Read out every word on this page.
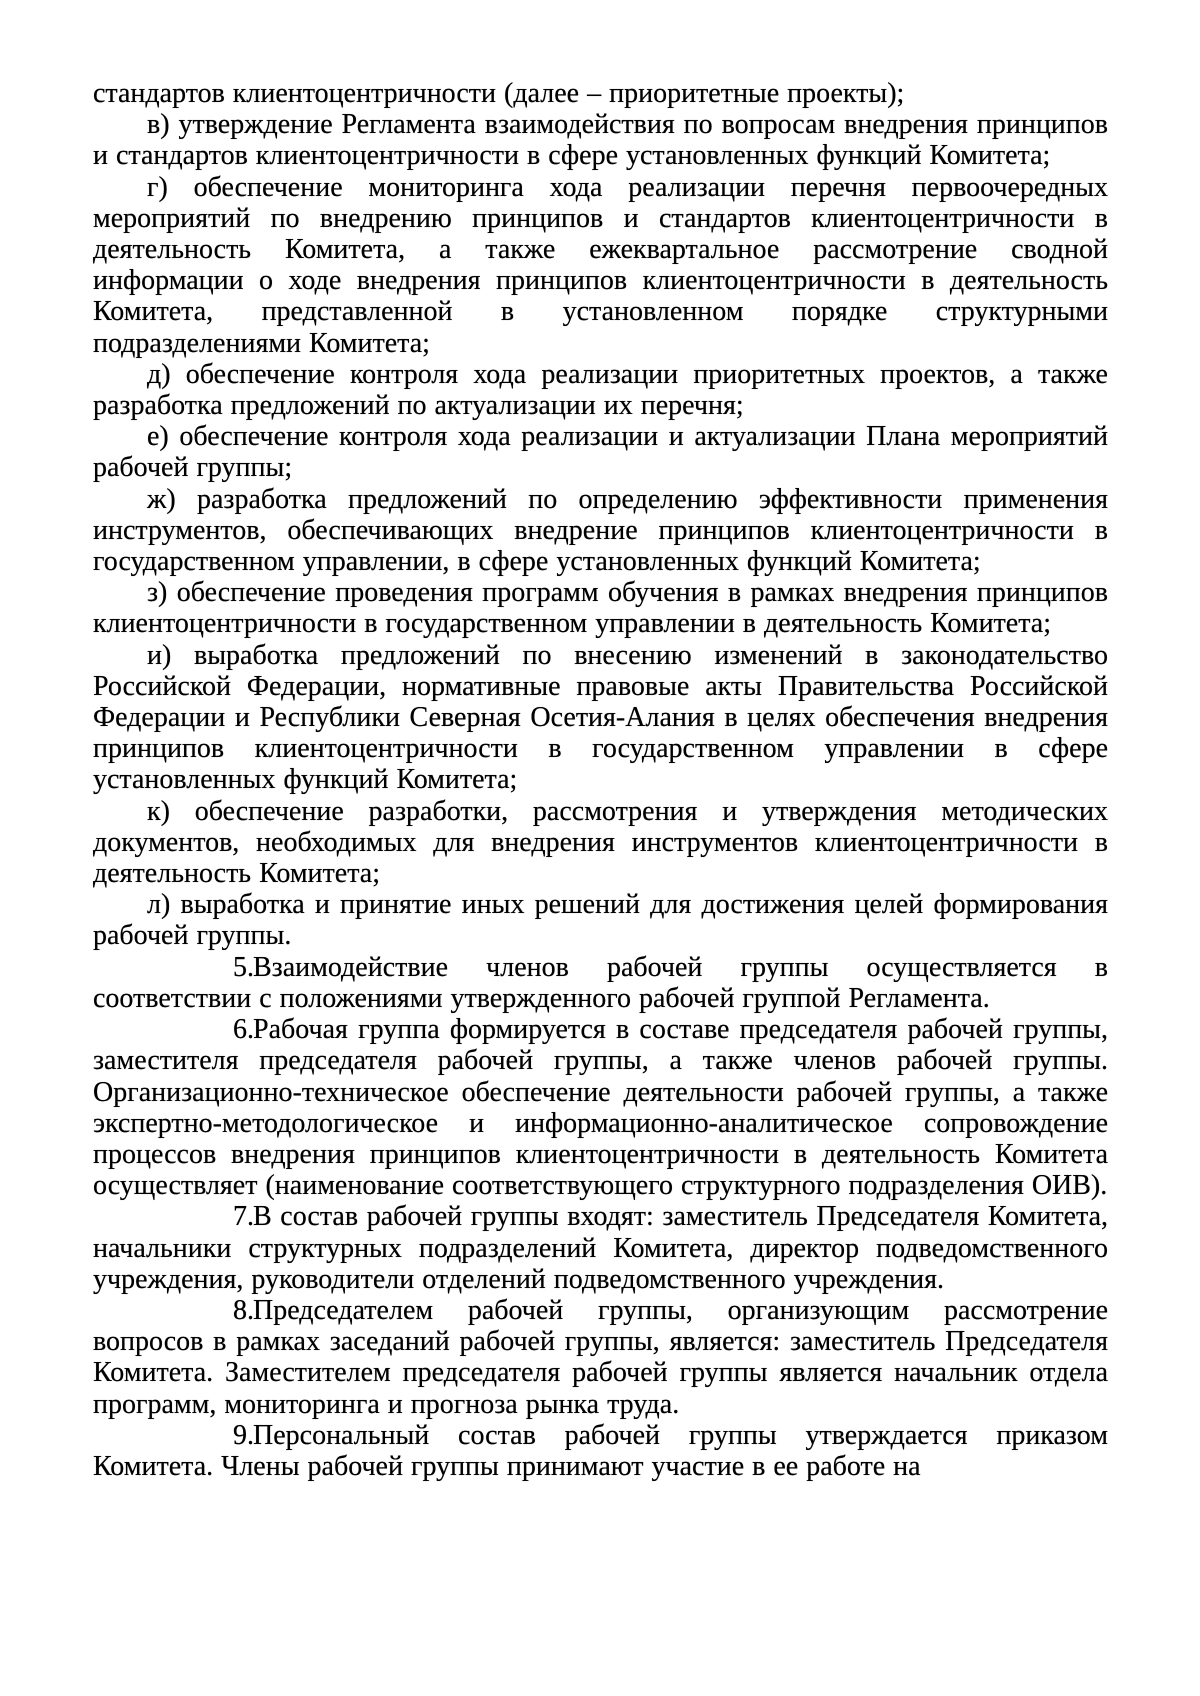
стандартов клиентоцентричности (далее – приоритетные проекты);

в) утверждение Регламента взаимодействия по вопросам внедрения принципов и стандартов клиентоцентричности в сфере установленных функций Комитета;

г) обеспечение мониторинга хода реализации перечня первоочередных мероприятий по внедрению принципов и стандартов клиентоцентричности в деятельность Комитета, а также ежеквартальное рассмотрение сводной информации о ходе внедрения принципов клиентоцентричности в деятельность Комитета, представленной в установленном порядке структурными подразделениями Комитета;

д) обеспечение контроля хода реализации приоритетных проектов, а также разработка предложений по актуализации их перечня;

е) обеспечение контроля хода реализации и актуализации Плана мероприятий рабочей группы;

ж) разработка предложений по определению эффективности применения инструментов, обеспечивающих внедрение принципов клиентоцентричности в государственном управлении, в сфере установленных функций Комитета;

з) обеспечение проведения программ обучения в рамках внедрения принципов клиентоцентричности в государственном управлении в деятельность Комитета;

и) выработка предложений по внесению изменений в законодательство Российской Федерации, нормативные правовые акты Правительства Российской Федерации и Республики Северная Осетия-Алания в целях обеспечения внедрения принципов клиентоцентричности в государственном управлении в сфере установленных функций Комитета;

к) обеспечение разработки, рассмотрения и утверждения методических документов, необходимых для внедрения инструментов клиентоцентричности в деятельность Комитета;

л) выработка и принятие иных решений для достижения целей формирования рабочей группы.

5.Взаимодействие членов рабочей группы осуществляется в соответствии с положениями утвержденного рабочей группой Регламента.

6.Рабочая группа формируется в составе председателя рабочей группы, заместителя председателя рабочей группы, а также членов рабочей группы. Организационно-техническое обеспечение деятельности рабочей группы, а также экспертно-методологическое и информационно-аналитическое сопровождение процессов внедрения принципов клиентоцентричности в деятельность Комитета осуществляет (наименование соответствующего структурного подразделения ОИВ).

7.В состав рабочей группы входят: заместитель Председателя Комитета, начальники структурных подразделений Комитета, директор подведомственного учреждения, руководители отделений подведомственного учреждения.

8.Председателем рабочей группы, организующим рассмотрение вопросов в рамках заседаний рабочей группы, является: заместитель Председателя Комитета. Заместителем председателя рабочей группы является начальник отдела программ, мониторинга и прогноза рынка труда.

9.Персональный состав рабочей группы утверждается приказом Комитета. Члены рабочей группы принимают участие в ее работе на
